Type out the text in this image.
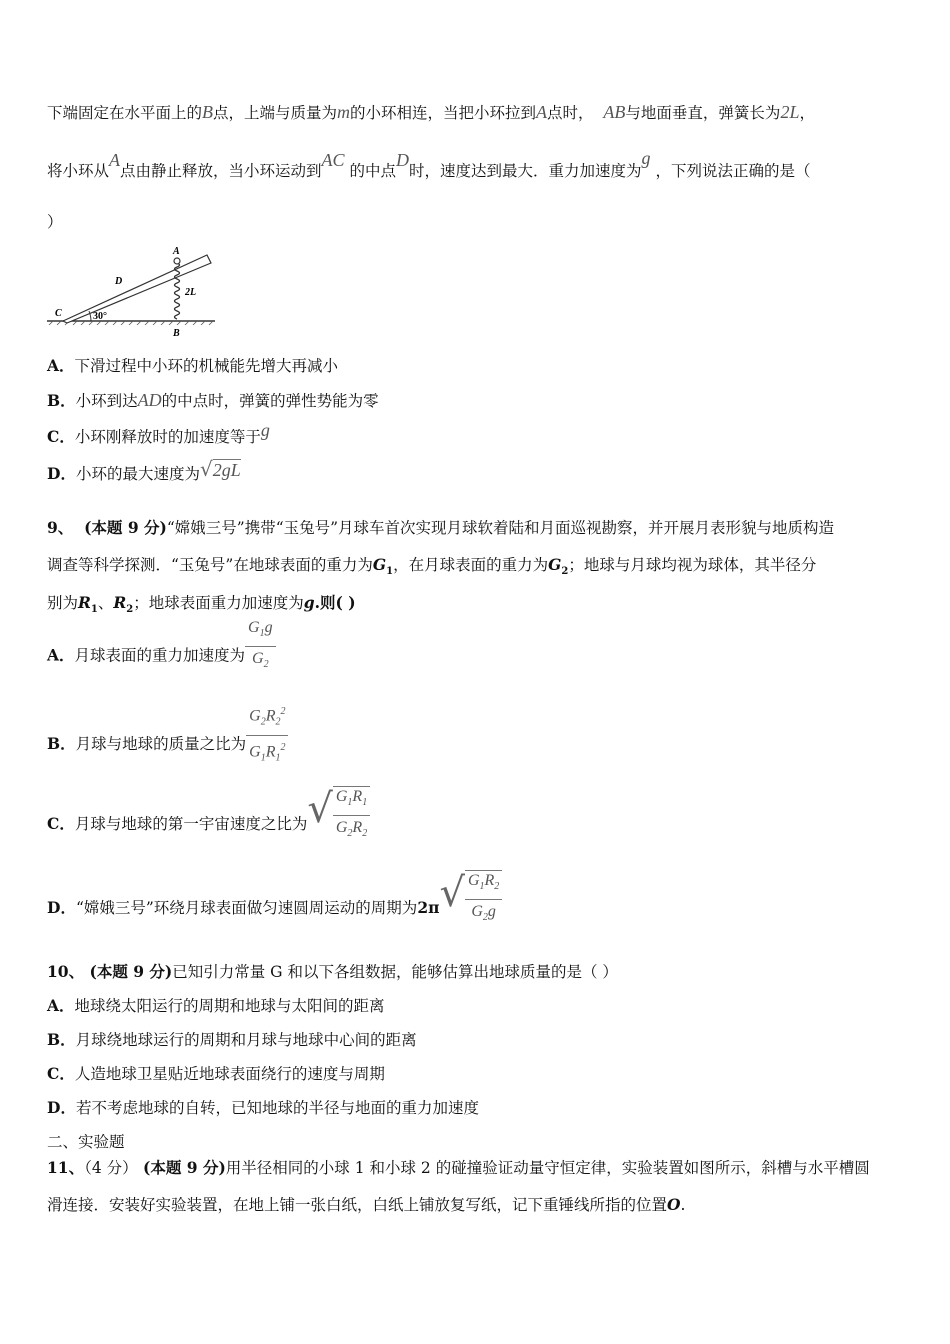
下端固定在水平面上的B点，上端与质量为m的小环相连，当把小环拉到A点时， AB与地面垂直，弹簧长为2L，
将小环从A点由静止释放，当小环运动到AC 的中点D时，速度达到最大．重力加速度为g ，下列说法正确的是（
）
A
B
C
D
2L
30°
A．下滑过程中小环的机械能先增大再减小
B．小环到达AD的中点时，弹簧的弹性势能为零
C．小环刚释放时的加速度等于g
D．小环的最大速度为 √ 2gL
9、 (本题 9 分)“嫦娥三号”携带“玉兔号”月球车首次实现月球软着陆和月面巡视勘察，并开展月表形貌与地质构造
调查等科学探测．“玉兔号”在地球表面的重力为$G_1$，在月球表面的重力为$G_2$；地球与月球均视为球体，其半径分
别为$R_1$、$R_2$；地球表面重力加速度为g.则( )
A．月球表面的重力加速度为 $\frac{G_1g}{G_2}$
B．月球与地球的质量之比为 $\frac{G_2R_2^2}{G_1R_1^2}$
C．月球与地球的第一宇宙速度之比为 √ $\frac{G_1R_1}{G_2R_2}$
D．“嫦娥三号”环绕月球表面做匀速圆周运动的周期为2π √ $\frac{G_1R_2}{G_2g}$
10、 (本题 9 分)已知引力常量 G 和以下各组数据，能够估算出地球质量的是（ ）
A．地球绕太阳运行的周期和地球与太阳间的距离
B．月球绕地球运行的周期和月球与地球中心间的距离
C．人造地球卫星贴近地球表面绕行的速度与周期
D．若不考虑地球的自转，已知地球的半径与地面的重力加速度
二、实验题
11、（4 分） (本题 9 分)用半径相同的小球 1 和小球 2 的碰撞验证动量守恒定律，实验装置如图所示，斜槽与水平槽圆
滑连接．安装好实验装置，在地上铺一张白纸，白纸上铺放复写纸，记下重锤线所指的位置O.
